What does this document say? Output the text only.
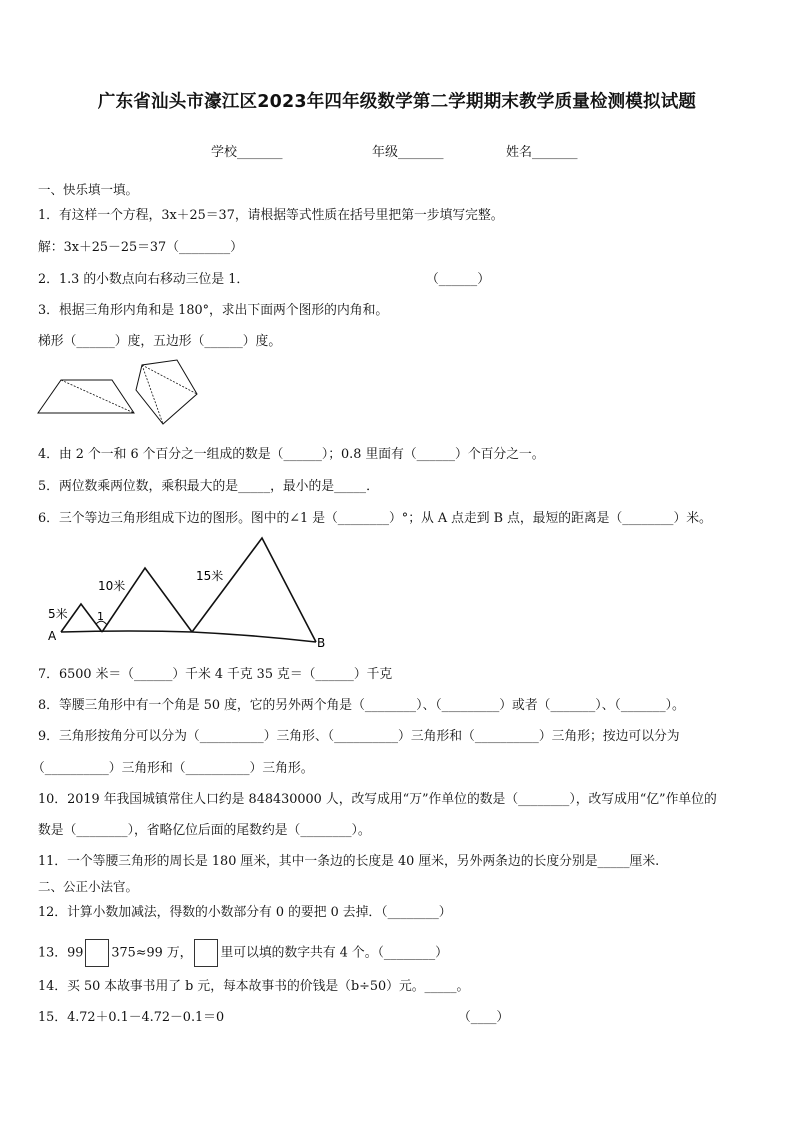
广东省汕头市濠江区2023年四年级数学第二学期期末教学质量检测模拟试题
学校_______	年级_______	姓名_______
一、快乐填一填。
1．有这样一个方程，3x＋25＝37，请根据等式性质在括号里把第一步填写完整。
解：3x＋25－25＝37（________）
2．1.3 的小数点向右移动三位是 1．	（______）
3．根据三角形内角和是 180°，求出下面两个图形的内角和。
梯形（______）度，五边形（______）度。
4．由 2 个一和 6 个百分之一组成的数是（______）；0.8 里面有（______）个百分之一。
5．两位数乘两位数，乘积最大的是_____，最小的是_____．
6．三个等边三角形组成下边的图形。图中的∠1 是（________）°；从 A 点走到 B 点，最短的距离是（________）米。
5米
10米
15米
1
A	B
7．6500 米＝（______）千米 4 千克 35 克＝（______）千克
8．等腰三角形中有一个角是 50 度，它的另外两个角是（________）、（_________）或者（_______）、（_______）。
9．三角形按角分可以分为（__________）三角形、（__________）三角形和（__________）三角形；按边可以分为
（__________）三角形和（__________）三角形。
10．2019 年我国城镇常住人口约是 848430000 人，改写成用“万”作单位的数是（________），改写成用“亿”作单位的
数是（________），省略亿位后面的尾数约是（________）。
11．一个等腰三角形的周长是 180 厘米，其中一条边的长度是 40 厘米，另外两条边的长度分别是_____厘米.
二、公正小法官。
12．计算小数加减法，得数的小数部分有 0 的要把 0 去掉．（________）
13．99 375≈99 万， 里可以填的数字共有 4 个。（________）
14．买 50 本故事书用了 b 元，每本故事书的价钱是（b÷50）元。_____。
15．4.72＋0.1－4.72－0.1＝0	（____）
